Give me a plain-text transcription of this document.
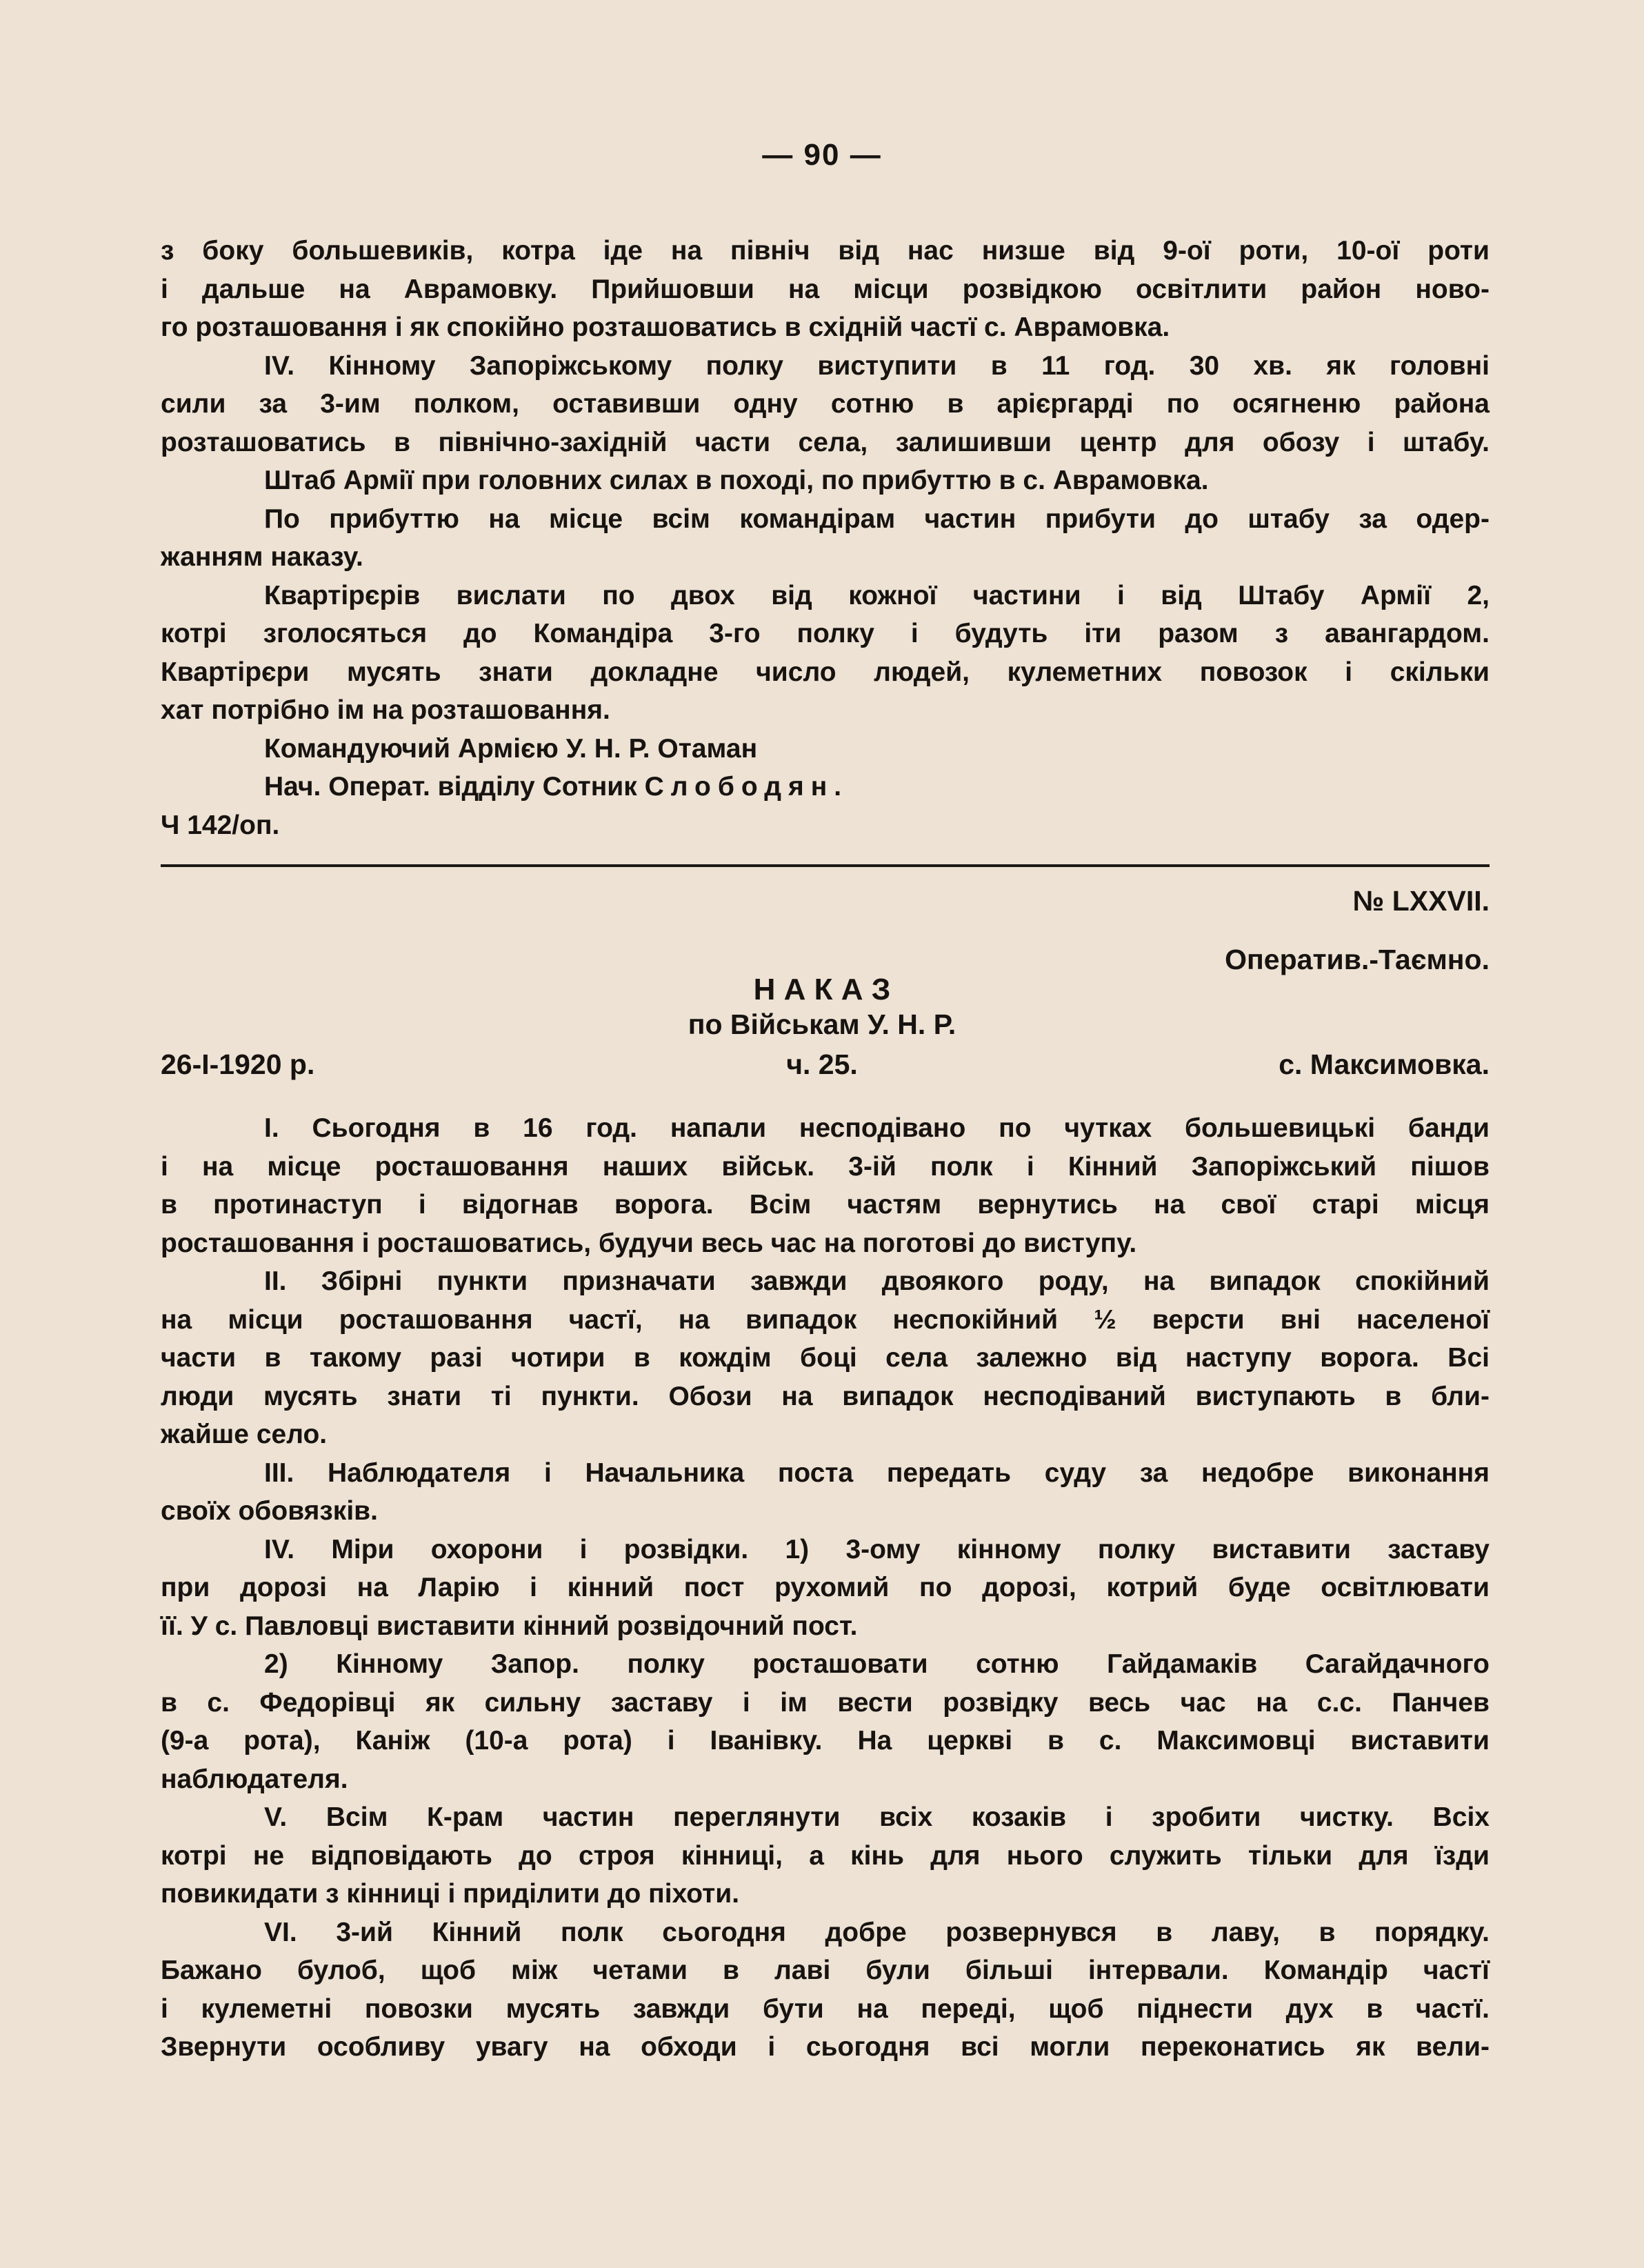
— 90 —

з боку большевиків, котра іде на північ від нас низше від 9-ої роти, 10-ої роти

і дальше на Аврамовку. Прийшовши на місци розвідкою освітлити район ново-

го розташовання і як спокійно розташоватись в східній частї с. Аврамовка.

IV. Кінному Запоріжському полку виступити в 11 год. 30 хв. як головні

сили за 3-им полком, оставивши одну сотню в арієргарді по осягненю района

розташоватись в північно-західній части села, залишивши центр для обозу і штабу.

Штаб Армії при головних силах в поході, по прибуттю в с. Аврамовка.

По прибуттю на місце всім командірам частин прибути до штабу за одер-

жанням наказу.

Квартірєрів вислати по двох від кожної частини і від Штабу Армії 2,

котрі зголосяться до Командіра 3-го полку і будуть іти разом з авангардом.

Квартірєри мусять знати докладне число людей, кулеметних повозок і скільки

хат потрібно ім на розташовання.

Командуючий Армією У. Н. Р. Отаман

Нач. Операт. відділу Сотник Слободян.

Ч 142/оп.

№ LXXVII.
Оператив.-Таємно.
Н А К А З
по Військам У. Н. Р.
26-I-1920 р.	ч. 25.	с. Максимовка.

I. Сьогодня в 16 год. напали несподівано по чутках большевицькі банди

і на місце росташовання наших військ. 3-ій полк і Кінний Запоріжський пішов

в протинаступ і відогнав ворога. Всім частям вернутись на свої старі місця

росташовання і росташоватись, будучи весь час на поготові до виступу.

II. Збірні пункти призначати завжди двоякого роду, на випадок спокійний

на місци росташовання частї, на випадок неспокійний ½ версти вні населеної

части в такому разі чотири в кождім боці села залежно від наступу ворога. Всі

люди мусять знати ті пункти. Обози на випадок несподіваний виступають в бли-

жайше село.

III. Наблюдателя і Начальника поста передать суду за недобре виконання

своїх обовязків.

IV. Міри охорони і розвідки. 1) 3-ому кінному полку виставити заставу

при дорозі на Ларію і кінний пост рухомий по дорозі, котрий буде освітлювати

її. У с. Павловці виставити кінний розвідочний пост.

2) Кінному Запор. полку росташовати сотню Гайдамаків Сагайдачного

в с. Федорівці як сильну заставу і ім вести розвідку весь час на с.с. Панчев

(9-а рота), Каніж (10-а рота) і Іванівку. На церкві в с. Максимовці виставити

наблюдателя.

V. Всім К-рам частин переглянути всіх козаків і зробити чистку. Всіх

котрі не відповідають до строя кінниці, а кінь для нього служить тільки для їзди

повикидати з кінниці і приділити до піхоти.

VI. 3-ий Кінний полк сьогодня добре розвернувся в лаву, в порядку.

Бажано булоб, щоб між четами в лаві були більші інтервали. Командір частї

і кулеметні повозки мусять завжди бути на переді, щоб піднести дух в частї.

Звернути особливу увагу на обходи і сьогодня всі могли переконатись як вели-
